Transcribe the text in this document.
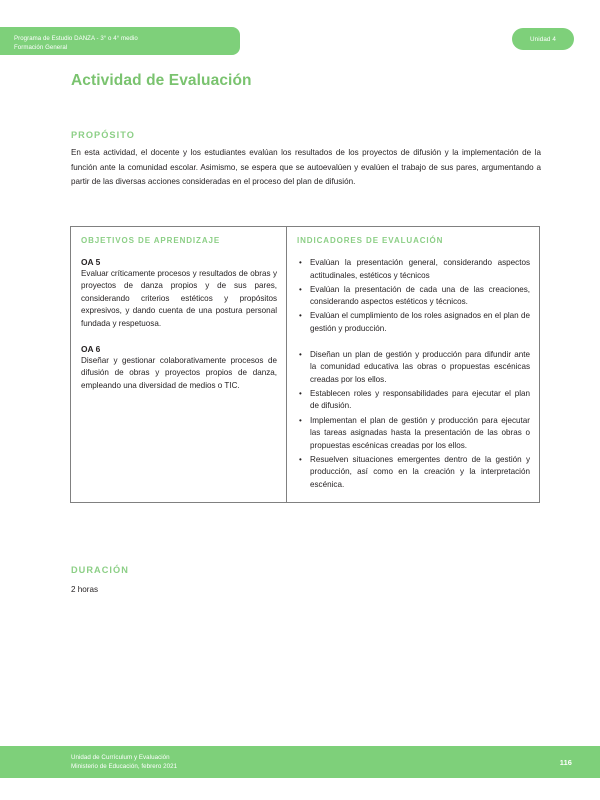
Programa de Estudio DANZA - 3° o 4° medio
Formación General
Unidad 4
Actividad de Evaluación
PROPÓSITO
En esta actividad, el docente y los estudiantes evalúan los resultados de los proyectos de difusión y la implementación de la función ante la comunidad escolar. Asimismo, se espera que se autoevalúen y evalúen el trabajo de sus pares, argumentando a partir de las diversas acciones consideradas en el proceso del plan de difusión.
OBJETIVOS DE APRENDIZAJE
OA 5
Evaluar críticamente procesos y resultados de obras y proyectos de danza propios y de sus pares, considerando criterios estéticos y propósitos expresivos, y dando cuenta de una postura personal fundada y respetuosa.
OA 6
Diseñar y gestionar colaborativamente procesos de difusión de obras y proyectos propios de danza, empleando una diversidad de medios o TIC.
INDICADORES DE EVALUACIÓN
• Evalúan la presentación general, considerando aspectos actitudinales, estéticos y técnicos
• Evalúan la presentación de cada una de las creaciones, considerando aspectos estéticos y técnicos.
• Evalúan el cumplimiento de los roles asignados en el plan de gestión y producción.
• Diseñan un plan de gestión y producción para difundir ante la comunidad educativa las obras o propuestas escénicas creadas por los ellos.
• Establecen roles y responsabilidades para ejecutar el plan de difusión.
• Implementan el plan de gestión y producción para ejecutar las tareas asignadas hasta la presentación de las obras o propuestas escénicas creadas por los ellos.
• Resuelven situaciones emergentes dentro de la gestión y producción, así como en la creación y la interpretación escénica.
DURACIÓN
2 horas
Unidad de Currículum y Evaluación
Ministerio de Educación, febrero 2021	116
